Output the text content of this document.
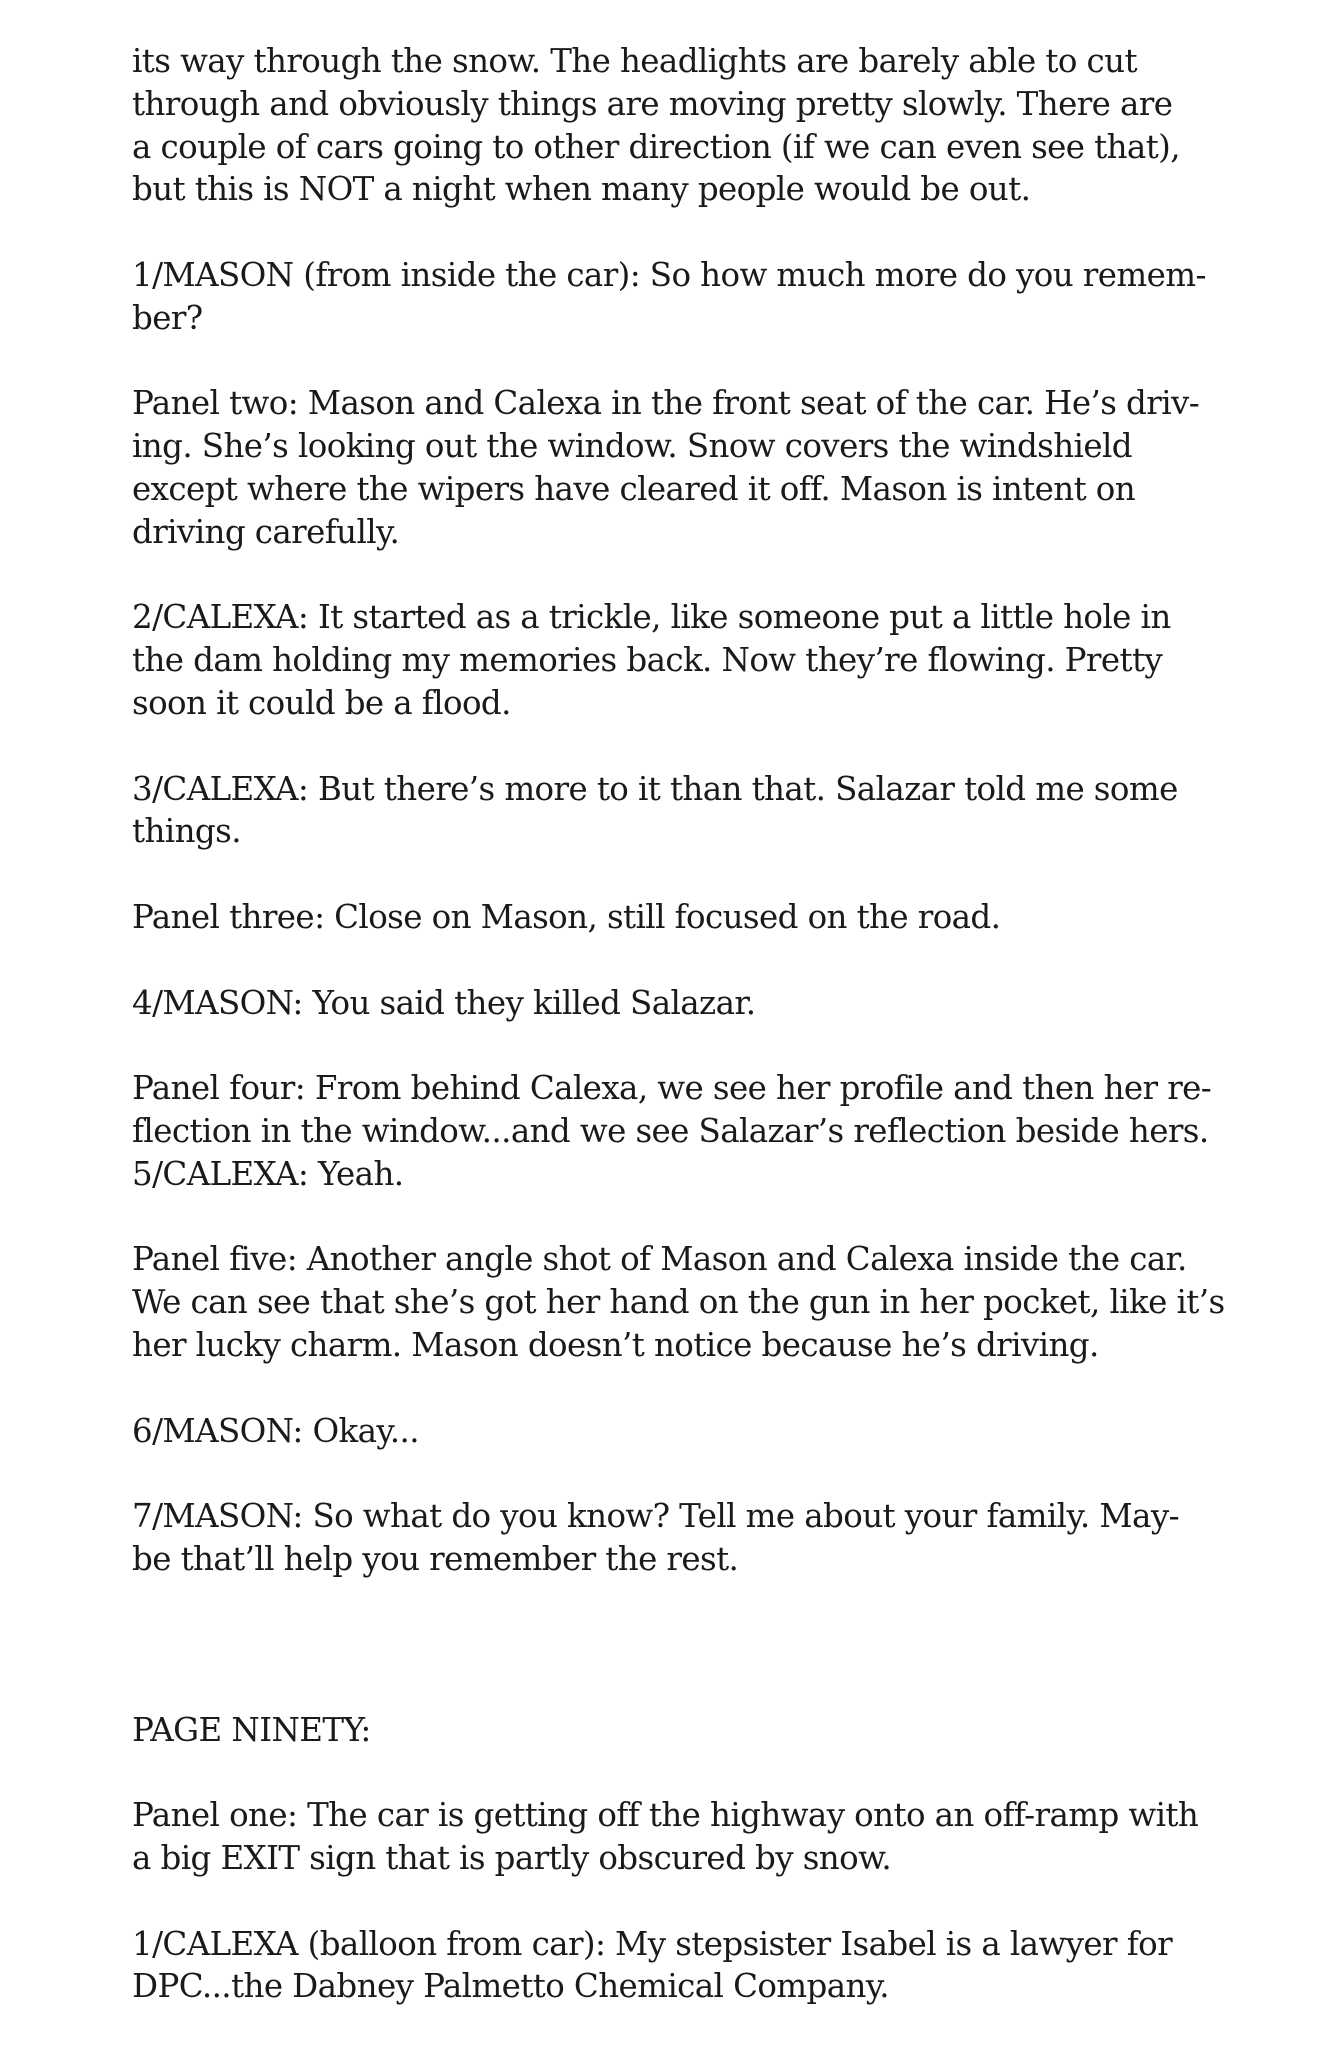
its way through the snow. The headlights are barely able to cut
through and obviously things are moving pretty slowly. There are
a couple of cars going to other direction (if we can even see that),
but this is NOT a night when many people would be out.

1/MASON (from inside the car): So how much more do you remem-
ber?

Panel two: Mason and Calexa in the front seat of the car. He’s driv-
ing. She’s looking out the window. Snow covers the windshield
except where the wipers have cleared it off. Mason is intent on
driving carefully.

2/CALEXA: It started as a trickle, like someone put a little hole in
the dam holding my memories back. Now they’re flowing. Pretty
soon it could be a flood.

3/CALEXA: But there’s more to it than that. Salazar told me some
things.

Panel three: Close on Mason, still focused on the road.

4/MASON: You said they killed Salazar.

Panel four: From behind Calexa, we see her profile and then her re-
flection in the window...and we see Salazar’s reflection beside hers.
5/CALEXA: Yeah.

Panel five: Another angle shot of Mason and Calexa inside the car.
We can see that she’s got her hand on the gun in her pocket, like it’s
her lucky charm. Mason doesn’t notice because he’s driving.

6/MASON: Okay...

7/MASON: So what do you know? Tell me about your family. May-
be that’ll help you remember the rest.

PAGE NINETY:

Panel one: The car is getting off the highway onto an off-ramp with
a big EXIT sign that is partly obscured by snow.

1/CALEXA (balloon from car): My stepsister Isabel is a lawyer for
DPC...the Dabney Palmetto Chemical Company.
